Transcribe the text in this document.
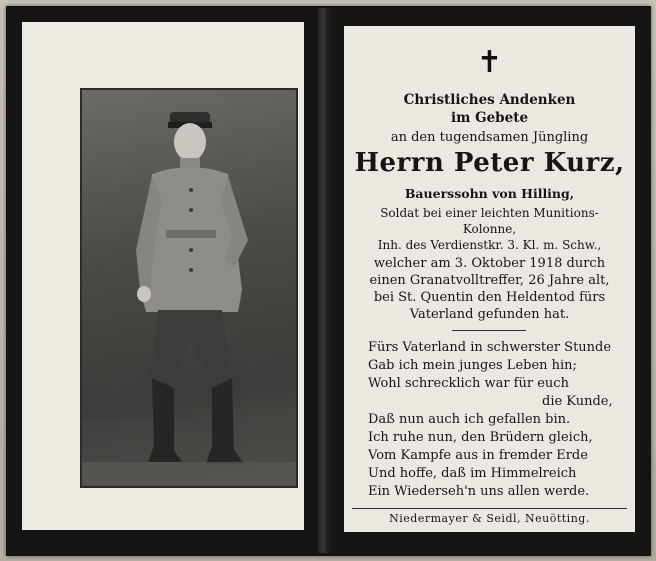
✝
Christliches Andenken
im Gebete
an den tugendsamen Jüngling
Herrn Peter Kurz,
Bauerssohn von Hilling,
Soldat bei einer leichten Munitions-
Kolonne,
Inh. des Verdienstkr. 3. Kl. m. Schw.,
welcher am 3. Oktober 1918 durch
einen Granatvolltreffer, 26 Jahre alt,
bei St. Quentin den Heldentod fürs
Vaterland gefunden hat.
Fürs Vaterland in schwerster Stunde
Gab ich mein junges Leben hin;
Wohl schrecklich war für euch
die Kunde,
Daß nun auch ich gefallen bin.
Ich ruhe nun, den Brüdern gleich,
Vom Kampfe aus in fremder Erde
Und hoffe, daß im Himmelreich
Ein Wiederseh'n uns allen werde.
Niedermayer & Seidl, Neuötting.
